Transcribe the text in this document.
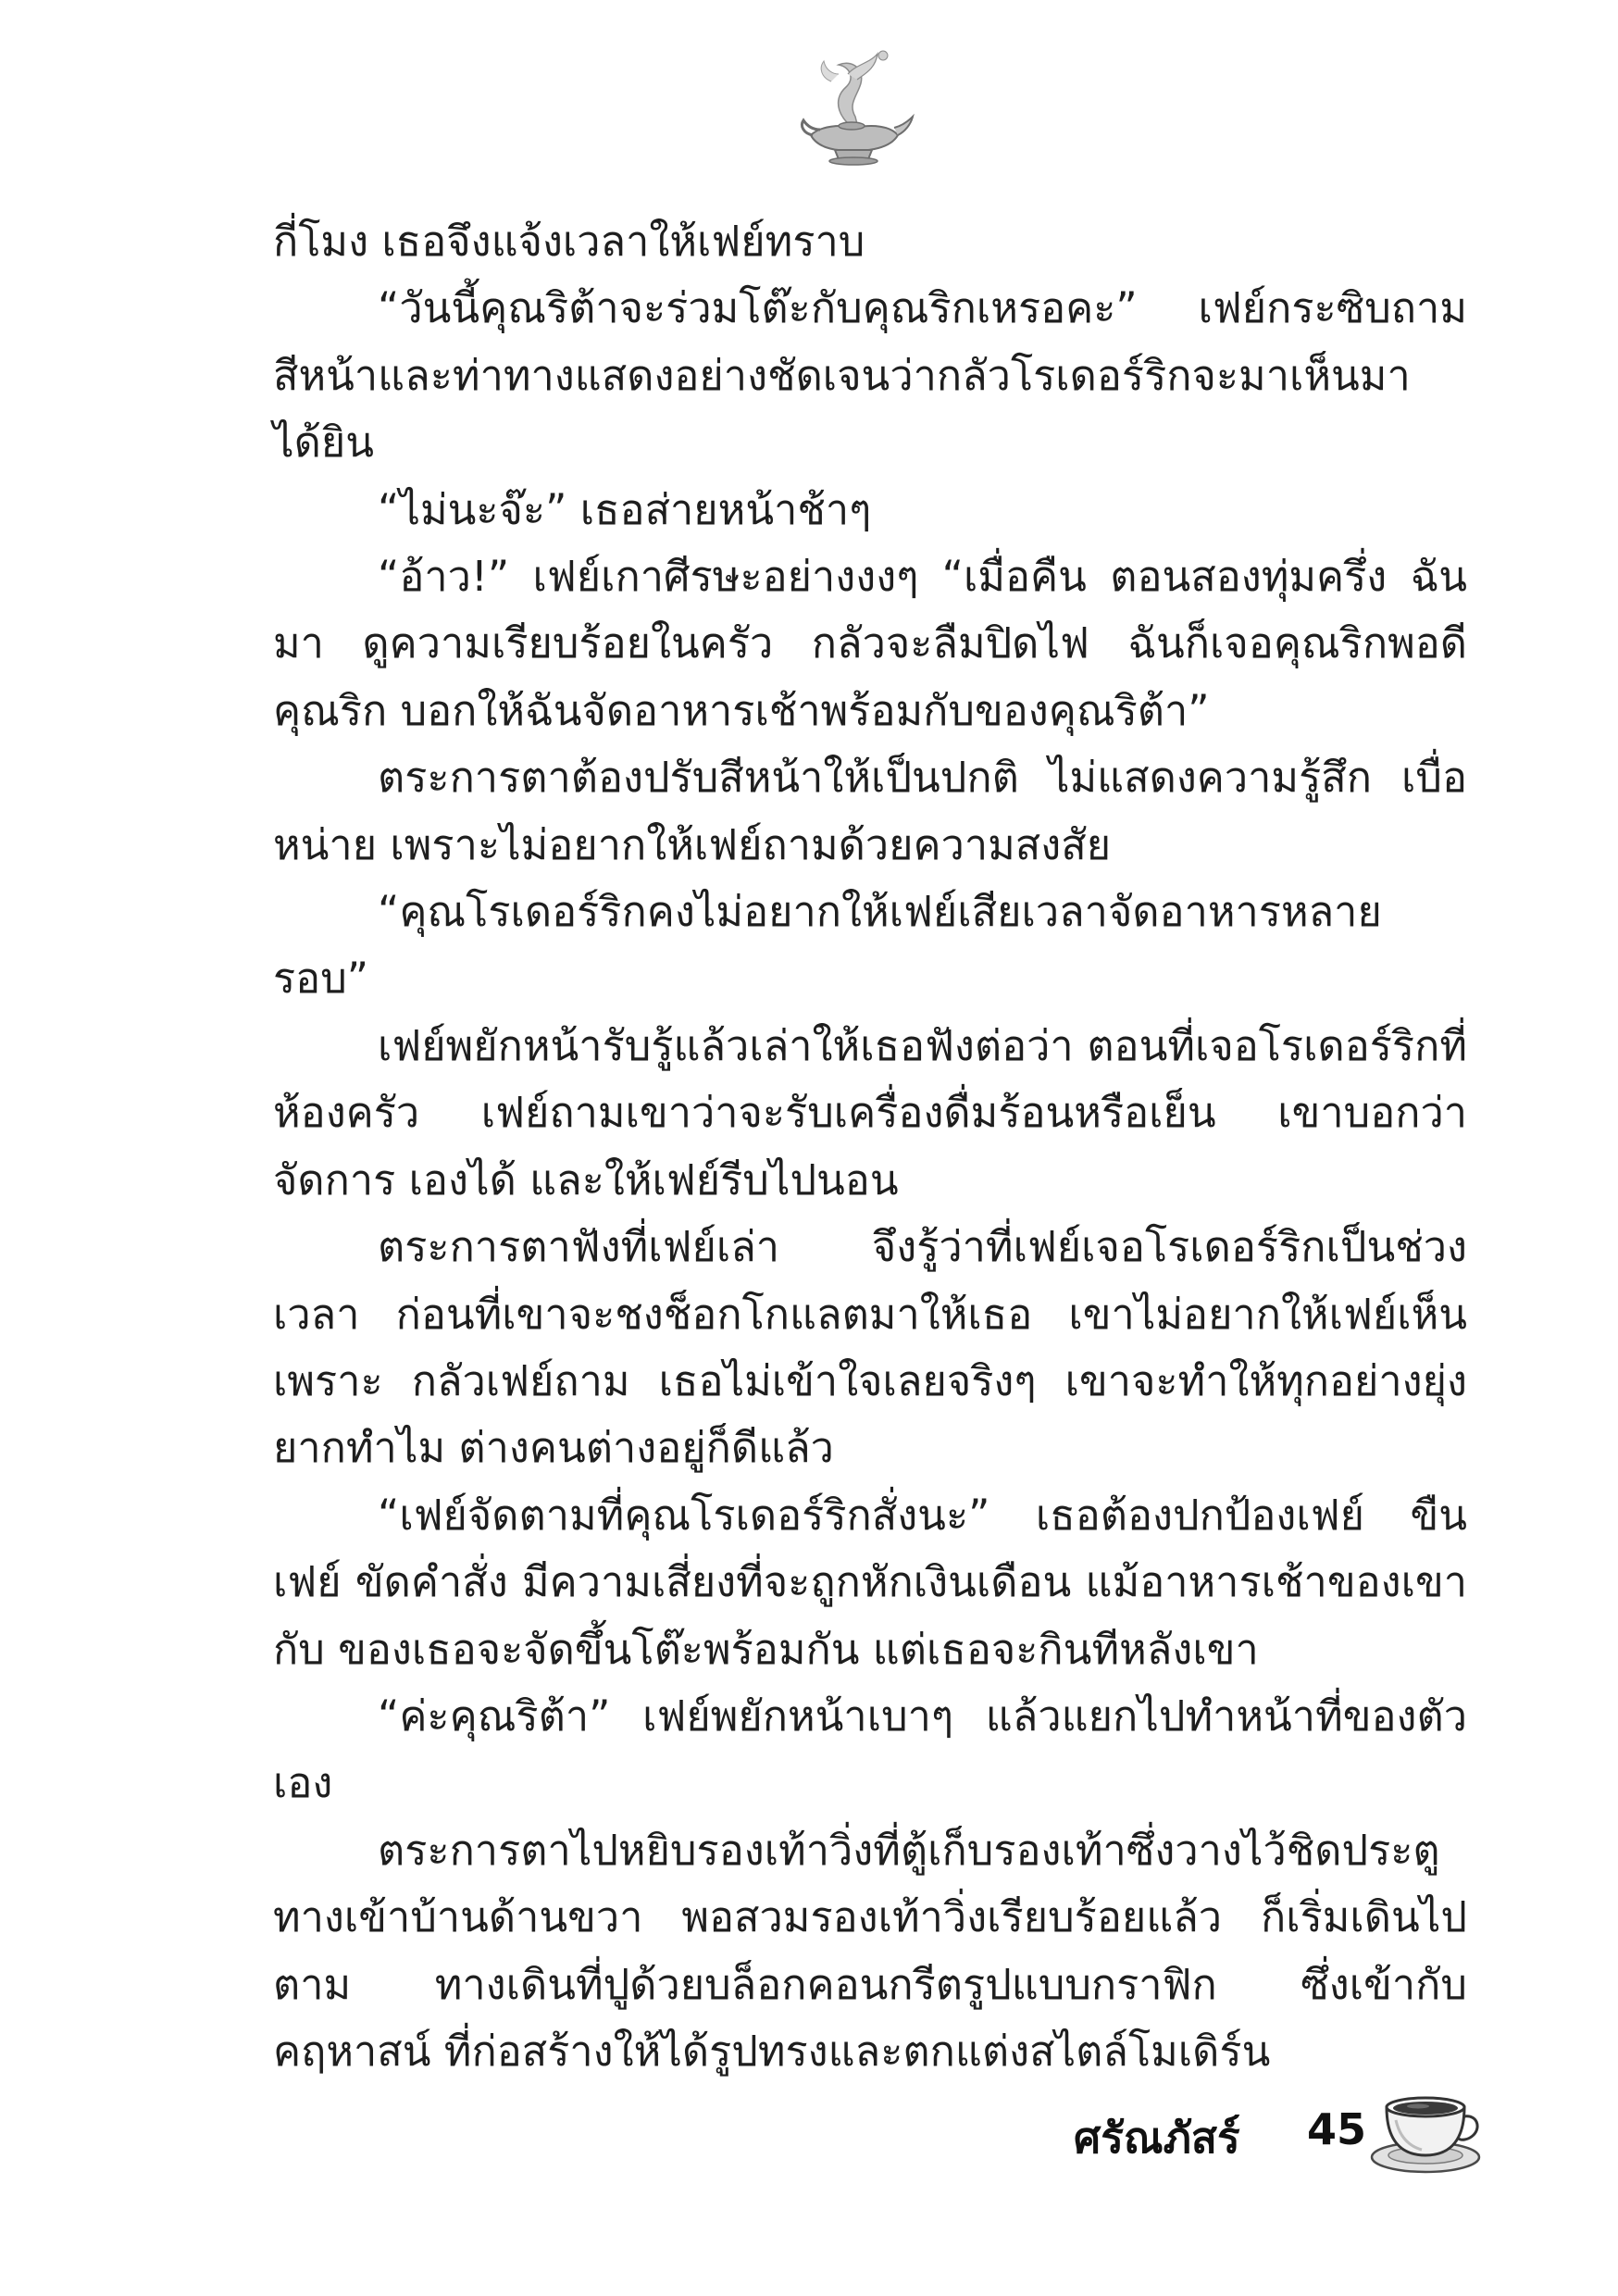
กี่โมง เธอจึงแจ้งเวลาให้เฟย์ทราบ

“วันนี้คุณริต้าจะร่วมโต๊ะกับคุณริกเหรอคะ” เฟย์กระซิบถาม สีหน้าและท่าทางแสดงอย่างชัดเจนว่ากลัวโรเดอร์ริกจะมาเห็นมา ได้ยิน

“ไม่นะจ๊ะ” เธอส่ายหน้าช้าๆ

“อ้าว!” เฟย์เกาศีรษะอย่างงงๆ “เมื่อคืน ตอนสองทุ่มครึ่ง ฉันมา ดูความเรียบร้อยในครัว กลัวจะลืมปิดไฟ ฉันก็เจอคุณริกพอดี คุณริก บอกให้ฉันจัดอาหารเช้าพร้อมกับของคุณริต้า”

ตระการตาต้องปรับสีหน้าให้เป็นปกติ ไม่แสดงความรู้สึก เบื่อหน่าย เพราะไม่อยากให้เฟย์ถามด้วยความสงสัย

“คุณโรเดอร์ริกคงไม่อยากให้เฟย์เสียเวลาจัดอาหารหลายรอบ”

เฟย์พยักหน้ารับรู้แล้วเล่าให้เธอฟังต่อว่า ตอนที่เจอโรเดอร์ริกที่ ห้องครัว เฟย์ถามเขาว่าจะรับเครื่องดื่มร้อนหรือเย็น เขาบอกว่าจัดการ เองได้ และให้เฟย์รีบไปนอน

ตระการตาฟังที่เฟย์เล่า จึงรู้ว่าที่เฟย์เจอโรเดอร์ริกเป็นช่วงเวลา ก่อนที่เขาจะชงช็อกโกแลตมาให้เธอ เขาไม่อยากให้เฟย์เห็น เพราะ กลัวเฟย์ถาม เธอไม่เข้าใจเลยจริงๆ เขาจะทำให้ทุกอย่างยุ่งยากทำไม ต่างคนต่างอยู่ก็ดีแล้ว

“เฟย์จัดตามที่คุณโรเดอร์ริกสั่งนะ” เธอต้องปกป้องเฟย์ ขืนเฟย์ ขัดคำสั่ง มีความเสี่ยงที่จะถูกหักเงินเดือน แม้อาหารเช้าของเขากับ ของเธอจะจัดขึ้นโต๊ะพร้อมกัน แต่เธอจะกินทีหลังเขา

“ค่ะคุณริต้า” เฟย์พยักหน้าเบาๆ แล้วแยกไปทำหน้าที่ของตัวเอง

ตระการตาไปหยิบรองเท้าวิ่งที่ตู้เก็บรองเท้าซึ่งวางไว้ชิดประตู ทางเข้าบ้านด้านขวา พอสวมรองเท้าวิ่งเรียบร้อยแล้ว ก็เริ่มเดินไปตาม ทางเดินที่ปูด้วยบล็อกคอนกรีตรูปแบบกราฟิก ซึ่งเข้ากับคฤหาสน์ ที่ก่อสร้างให้ได้รูปทรงและตกแต่งสไตล์โมเดิร์น

ศรัณภัสร์ 45
